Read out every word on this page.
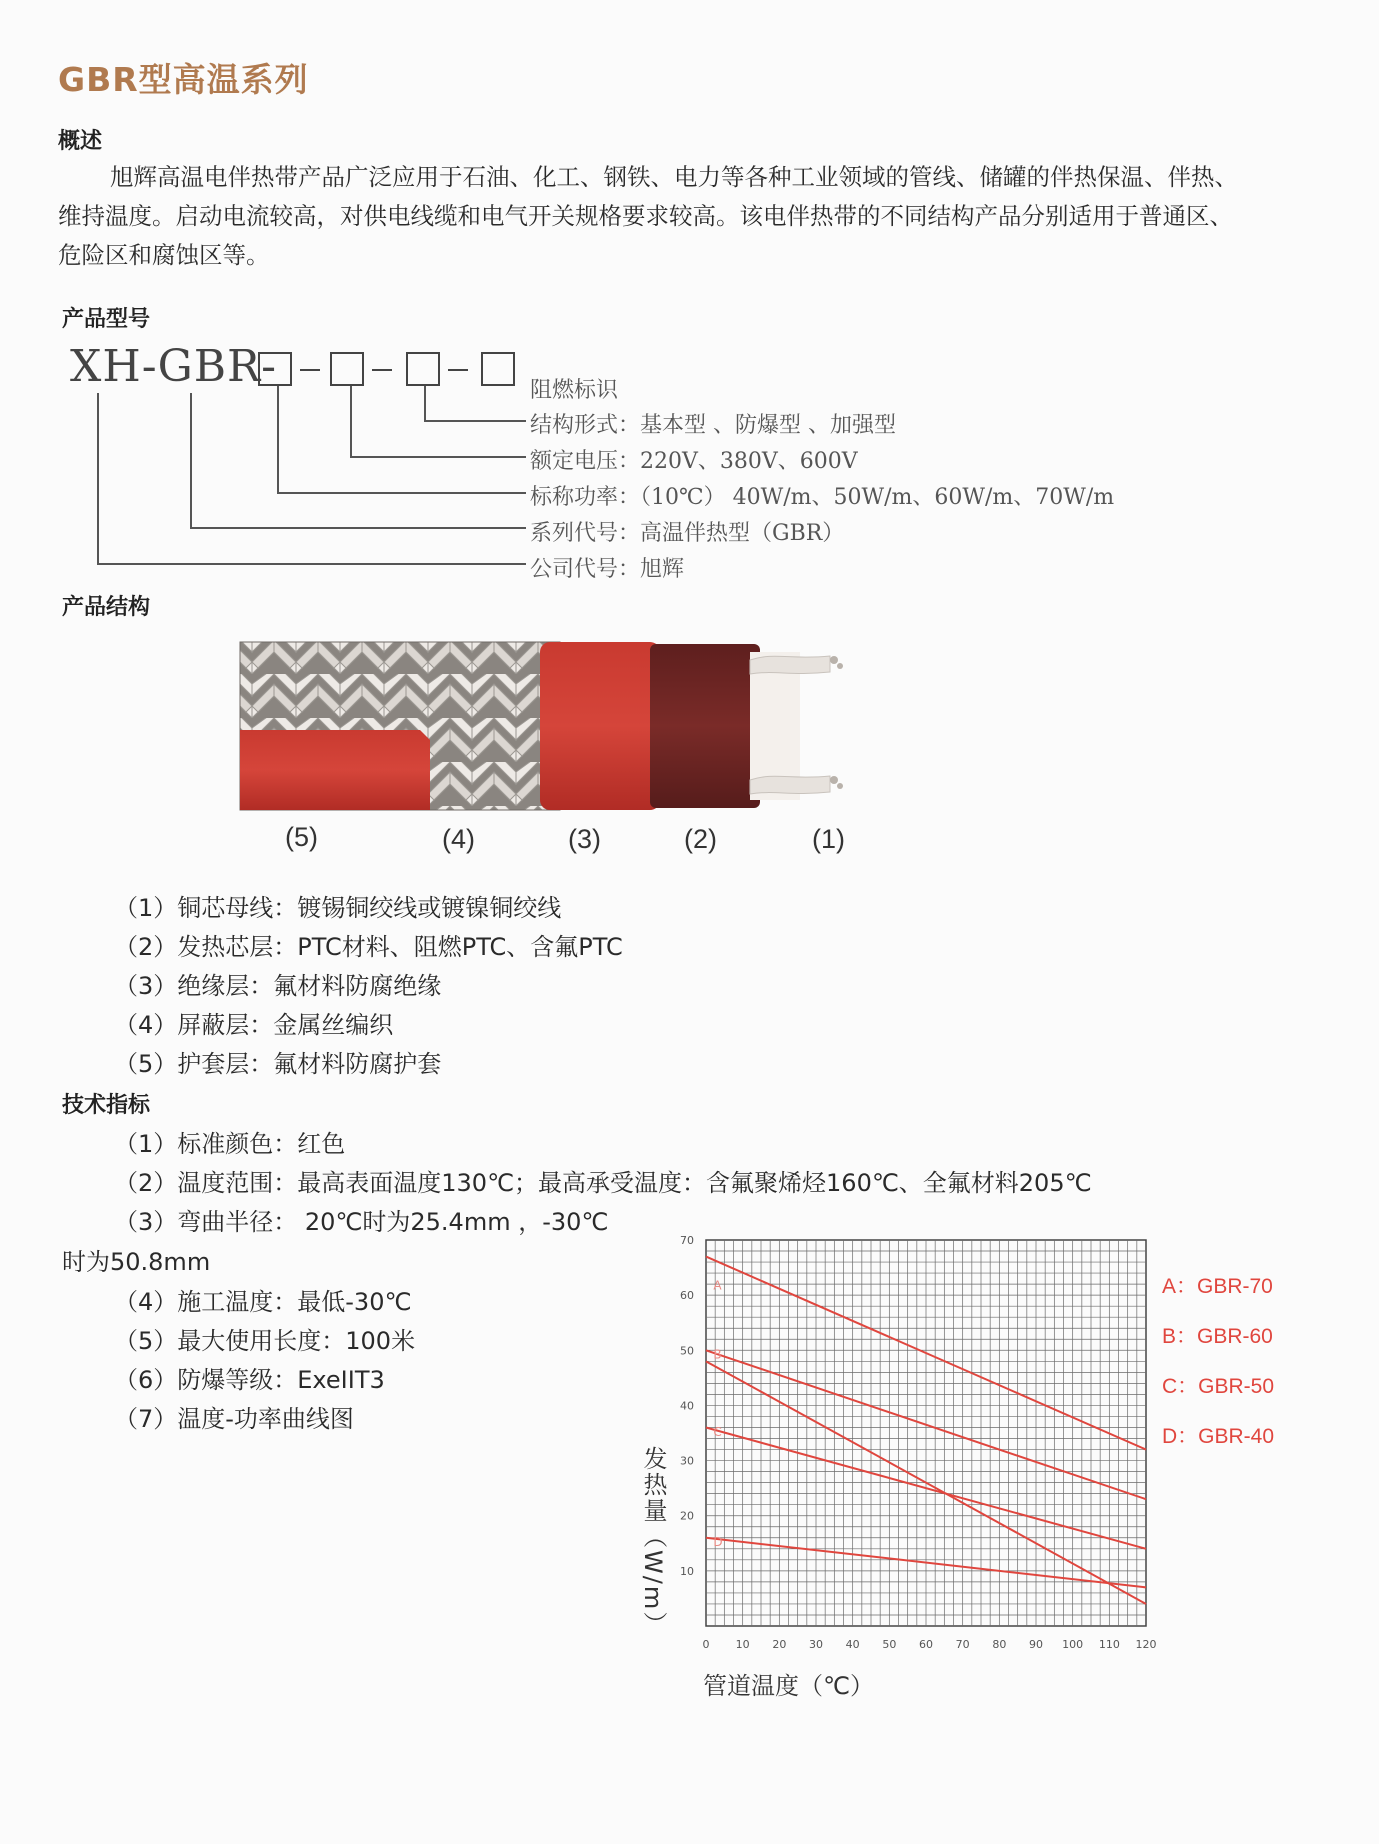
GBR型高温系列
概述
旭辉高温电伴热带产品广泛应用于石油、化工、钢铁、电力等各种工业领域的管线、储罐的伴热保温、伴热、维持温度。启动电流较高，对供电线缆和电气开关规格要求较高。该电伴热带的不同结构产品分别适用于普通区、危险区和腐蚀区等。
产品型号
XH-GBR-	阻燃标识
结构形式：基本型 、防爆型 、加强型
额定电压：220V、380V、600V
标称功率：（10℃） 40W/m、50W/m、60W/m、70W/m
系列代号：高温伴热型（GBR）
公司代号：旭辉
产品结构
(5)	(4)	(3)	(2)	(1)
（1）铜芯母线：镀锡铜绞线或镀镍铜绞线
（2）发热芯层：PTC材料、阻燃PTC、含氟PTC
（3）绝缘层：氟材料防腐绝缘
（4）屏蔽层：金属丝编织
（5）护套层：氟材料防腐护套
技术指标
（1）标准颜色：红色
（2）温度范围：最高表面温度130℃；最高承受温度：含氟聚烯烃160℃、全氟材料205℃
（3）弯曲半径： 20℃时为25.4mm ，-30℃
时为50.8mm
（4）施工温度：最低-30℃
（5）最大使用长度：100米
（6）防爆等级：ExeIIT3
（7）温度-功率曲线图
0 10 20 30 40 50 60 70 80 90 100 110 120
10
20
30
40
50
60
70
A
B
C
D
A：GBR-70
B：GBR-60
C：GBR-50
D：GBR-40
发热量（W/m）
管道温度（℃）
